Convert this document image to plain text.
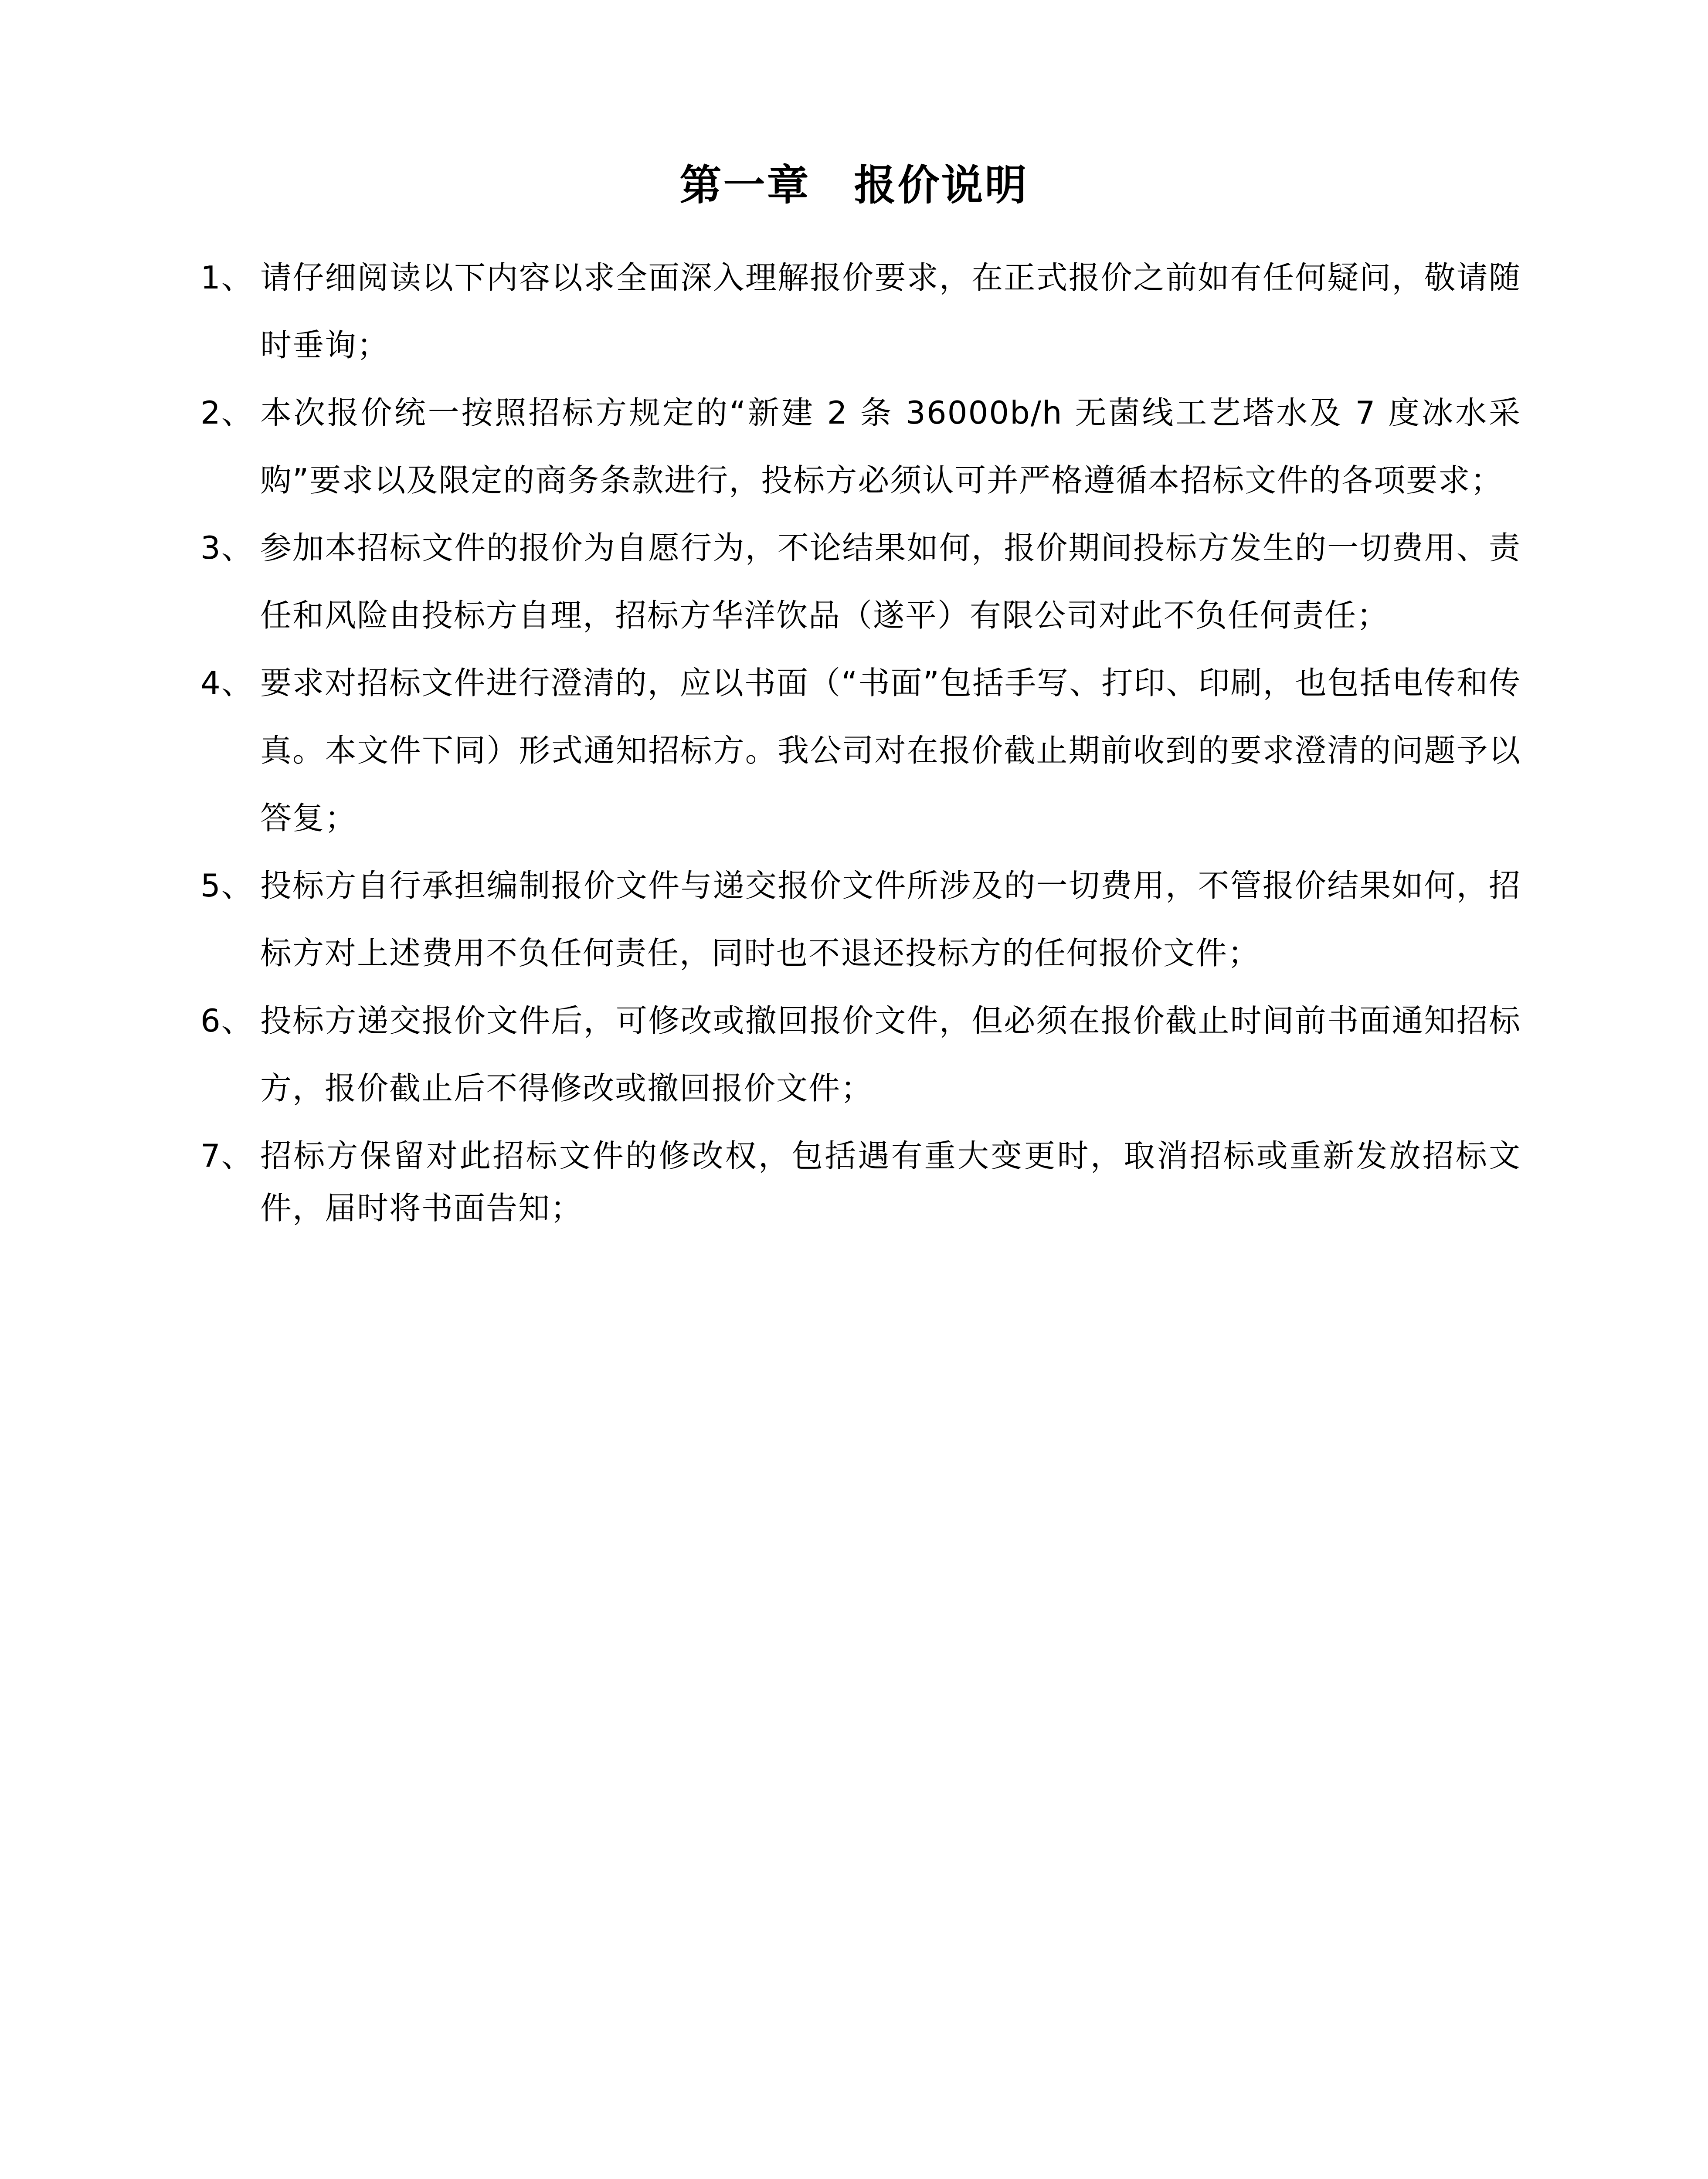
第一章　报价说明
1、 请仔细阅读以下内容以求全面深入理解报价要求，在正式报价之前如有任何疑问，敬请随时垂询；
2、 本次报价统一按照招标方规定的“新建 2 条 36000b/h 无菌线工艺塔水及 7 度冰水采购”要求以及限定的商务条款进行，投标方必须认可并严格遵循本招标文件的各项要求；
3、 参加本招标文件的报价为自愿行为，不论结果如何，报价期间投标方发生的一切费用、责任和风险由投标方自理，招标方华洋饮品（遂平）有限公司对此不负任何责任；
4、 要求对招标文件进行澄清的，应以书面（“书面”包括手写、打印、印刷，也包括电传和传真。本文件下同）形式通知招标方。我公司对在报价截止期前收到的要求澄清的问题予以答复；
5、 投标方自行承担编制报价文件与递交报价文件所涉及的一切费用，不管报价结果如何，招标方对上述费用不负任何责任，同时也不退还投标方的任何报价文件；
6、 投标方递交报价文件后，可修改或撤回报价文件，但必须在报价截止时间前书面通知招标方，报价截止后不得修改或撤回报价文件；
7、 招标方保留对此招标文件的修改权，包括遇有重大变更时，取消招标或重新发放招标文件，届时将书面告知；
